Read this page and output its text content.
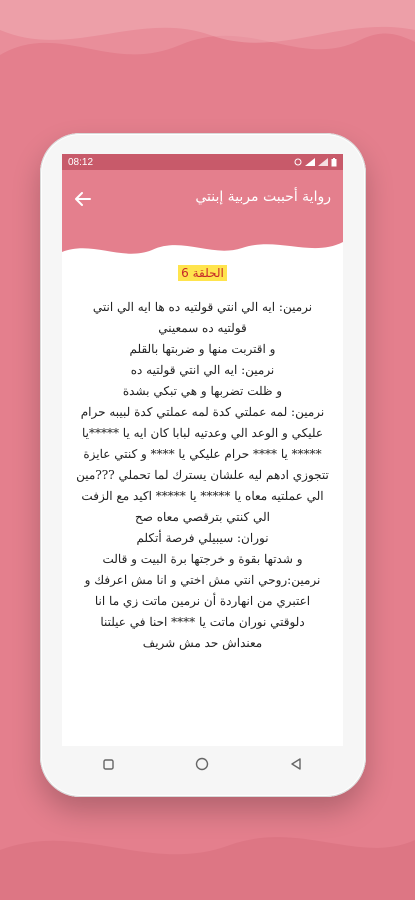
08:12
رواية أحببت مربية إبنتي
الحلقة 6

نرمين: ايه الي انتي قولتيه ده ها ايه الي انتي

قولتيه ده سمعيني

و اقتربت منها و ضربتها بالقلم

نرمين: ايه الي انتي قولتيه ده

و ظلت تضربها و هي تبكي بشدة

نرمين: لمه عملتي كدة لمه عملتي كدة لبيبه حرام

عليكي و الوعد الي وعدتيه لبابا كان ايه يا *****يا

***** يا **** حرام عليكي يا **** و كنتي عايزة

تتجوزي ادهم ليه علشان يسترك لما تحملي ???مين

الي عملتيه معاه يا ***** يا ***** اكيد مع الزفت

الي كنتي بترقصي معاه صح

نوران: سيبيلي فرصة أتكلم

و شدتها بقوة و خرجتها برة البيت و قالت

نرمين:روحي انتي مش اختي و انا مش اعرفك و

اعتبري من انهاردة أن نرمين ماتت زي ما انا

دلوقتي نوران ماتت يا **** احنا في عيلتنا

معنداش حد مش شريف
